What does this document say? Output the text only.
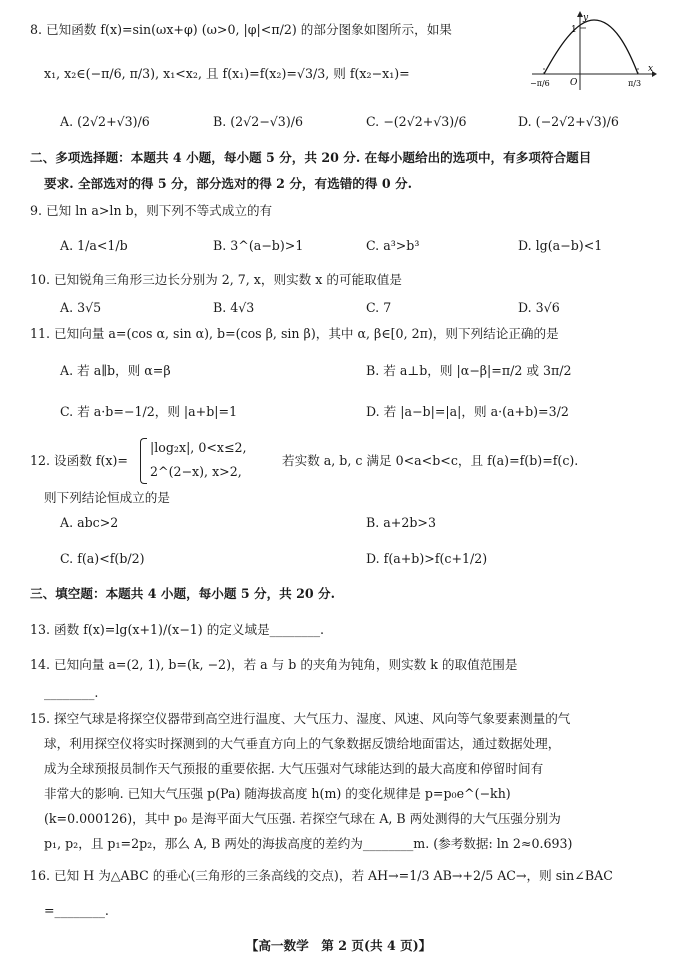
8. 已知函数 f(x)=sin(ωx+φ) (ω>0, |φ|<π/2) 的部分图象如图所示，如果
x₁, x₂∈(−π/6, π/3), x₁<x₂, 且 f(x₁)=f(x₂)=√3/3, 则 f(x₂−x₁)=
A. (2√2+√3)/6	B. (2√2−√3)/6	C. −(2√2+√3)/6	D. (−2√2+√3)/6
y
x
1
O
−π/6	π/3
二、多项选择题：本题共 4 小题，每小题 5 分，共 20 分. 在每小题给出的选项中，有多项符合题目
要求. 全部选对的得 5 分，部分选对的得 2 分，有选错的得 0 分.
9. 已知 ln a>ln b，则下列不等式成立的有
A. 1/a<1/b	B. 3^(a−b)>1	C. a³>b³	D. lg(a−b)<1
10. 已知锐角三角形三边长分别为 2, 7, x，则实数 x 的可能取值是
A. 3√5	B. 4√3	C. 7	D. 3√6
11. 已知向量 a=(cos α, sin α), b=(cos β, sin β)，其中 α, β∈[0, 2π)，则下列结论正确的是
A. 若 a∥b，则 α=β	B. 若 a⊥b，则 |α−β|=π/2 或 3π/2
C. 若 a·b=−1/2，则 |a+b|=1	D. 若 |a−b|=|a|，则 a·(a+b)=3/2
12. 设函数 f(x)=
|log₂x|, 0<x≤2,
2^(2−x), x>2,
若实数 a, b, c 满足 0<a<b<c，且 f(a)=f(b)=f(c).
则下列结论恒成立的是
A. abc>2	B. a+2b>3
C. f(a)<f(b/2)	D. f(a+b)>f(c+1/2)
三、填空题：本题共 4 小题，每小题 5 分，共 20 分.
13. 函数 f(x)=lg(x+1)/(x−1) 的定义域是________.
14. 已知向量 a=(2, 1), b=(k, −2)，若 a 与 b 的夹角为钝角，则实数 k 的取值范围是
________.
15. 探空气球是将探空仪器带到高空进行温度、大气压力、湿度、风速、风向等气象要素测量的气
球，利用探空仪将实时探测到的大气垂直方向上的气象数据反馈给地面雷达，通过数据处理，
成为全球预报员制作天气预报的重要依据. 大气压强对气球能达到的最大高度和停留时间有
非常大的影响. 已知大气压强 p(Pa) 随海拔高度 h(m) 的变化规律是 p=p₀e^(−kh)
(k=0.000126)，其中 p₀ 是海平面大气压强. 若探空气球在 A, B 两处测得的大气压强分别为
p₁, p₂，且 p₁=2p₂，那么 A, B 两处的海拔高度的差约为________m. (参考数据: ln 2≈0.693)
16. 已知 H 为△ABC 的垂心(三角形的三条高线的交点)，若 AH→=1/3 AB→+2/5 AC→，则 sin∠BAC
=________.
【高一数学　第 2 页(共 4 页)】
